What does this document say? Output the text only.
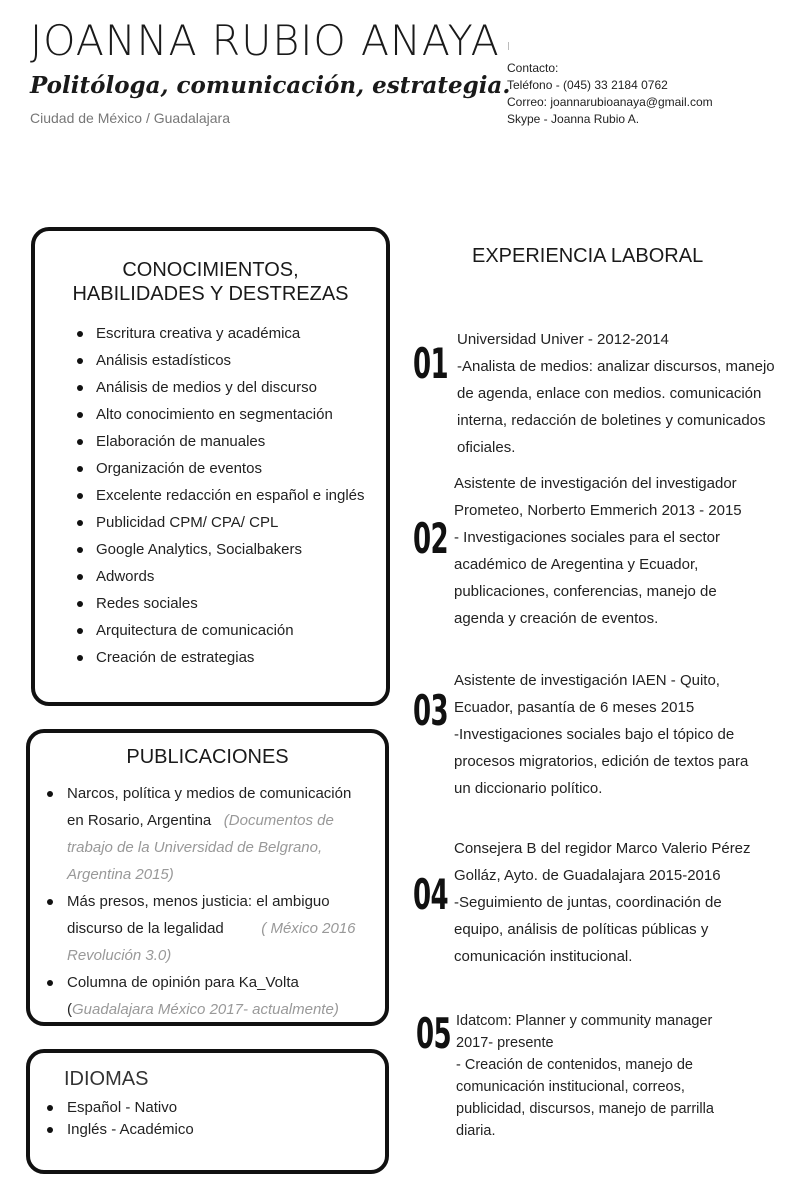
JOANNA RUBIO ANAYA
Politóloga, comunicación, estrategia.
Ciudad de México / Guadalajara
Contacto:
Teléfono - (045) 33 2184 0762
Correo: joannarubioanaya@gmail.com
Skype - Joanna Rubio A.
CONOCIMIENTOS,
HABILIDADES Y DESTREZAS
Escritura creativa y académica
Análisis estadísticos
Análisis de medios y del discurso
Alto conocimiento en segmentación
Elaboración de manuales
Organización de eventos
Excelente redacción en español e inglés
Publicidad CPM/ CPA/ CPL
Google Analytics, Socialbakers
Adwords
Redes sociales
Arquitectura de comunicación
Creación de estrategias
PUBLICACIONES
Narcos, política y medios de comunicación
en Rosario, Argentina (Documentos de
trabajo de la Universidad de Belgrano,
Argentina 2015)
Más presos, menos justicia: el ambiguo
discurso de la legalidad	( México 2016
Revolución 3.0)
Columna de opinión para Ka_Volta
(Guadalajara México 2017- actualmente)
IDIOMAS
Español - Nativo
Inglés - Académico
EXPERIENCIA LABORAL
01 Universidad Univer - 2012-2014
-Analista de medios: analizar discursos, manejo
de agenda, enlace con medios. comunicación
interna, redacción de boletines y comunicados
oficiales.
02
Asistente de investigación del investigador
Prometeo, Norberto Emmerich 2013 - 2015
- Investigaciones sociales para el sector
académico de Aregentina y Ecuador,
publicaciones, conferencias, manejo de
agenda y creación de eventos.
03
Asistente de investigación IAEN - Quito,
Ecuador, pasantía de 6 meses 2015
-Investigaciones sociales bajo el tópico de
procesos migratorios, edición de textos para
un diccionario político.
04
Consejera B del regidor Marco Valerio Pérez
Golláz, Ayto. de Guadalajara 2015-2016
-Seguimiento de juntas, coordinación de
equipo, análisis de políticas públicas y
comunicación institucional.
05 Idatcom: Planner y community manager
2017- presente
- Creación de contenidos, manejo de
comunicación institucional, correos,
publicidad, discursos, manejo de parrilla
diaria.
